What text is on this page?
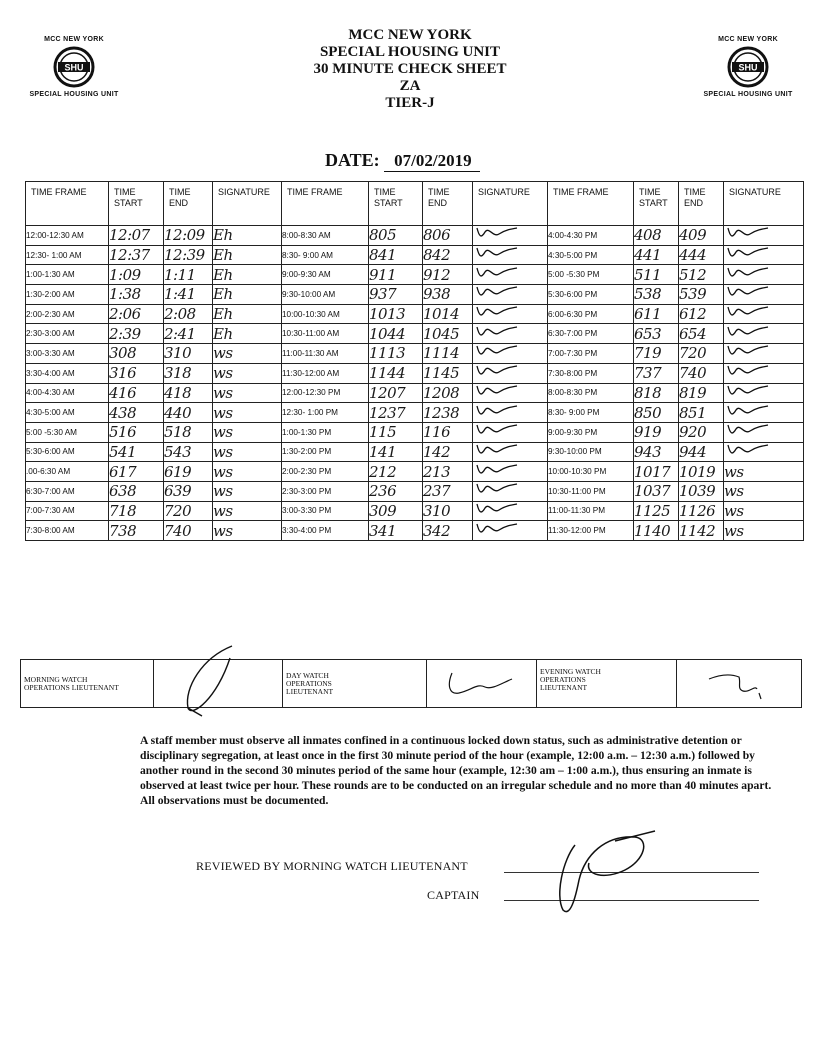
MCC NEW YORK
SHU
SPECIAL HOUSING UNIT
MCC NEW YORK
SHU
SPECIAL HOUSING UNIT
MCC NEW YORK
SPECIAL HOUSING UNIT
30 MINUTE CHECK SHEET
ZA
TIER-J
DATE: 07/02/2019
TIME FRAME	TIME START	TIME END	SIGNATURE	TIME FRAME	TIME START	TIME END	SIGNATURE	TIME FRAME	TIME START	TIME END	SIGNATURE
12:00-12:30 AM	12:07	12:09	Eh	8:00-8:30 AM	805	806		4:00-4:30 PM	408	409	
12:30- 1:00 AM	12:37	12:39	Eh	8:30- 9:00 AM	841	842		4:30-5:00 PM	441	444	
1:00-1:30 AM	1:09	1:11	Eh	9:00-9:30 AM	911	912		5:00 -5:30 PM	511	512	
1:30-2:00 AM	1:38	1:41	Eh	9:30-10:00 AM	937	938		5:30-6:00 PM	538	539	
2:00-2:30 AM	2:06	2:08	Eh	10:00-10:30 AM	1013	1014		6:00-6:30 PM	611	612	
2:30-3:00 AM	2:39	2:41	Eh	10:30-11:00 AM	1044	1045		6:30-7:00 PM	653	654	
3:00-3:30 AM	308	310	ws	11:00-11:30 AM	1113	1114		7:00-7:30 PM	719	720	
3:30-4:00 AM	316	318	ws	11:30-12:00 AM	1144	1145		7:30-8:00 PM	737	740	
4:00-4:30 AM	416	418	ws	12:00-12:30 PM	1207	1208		8:00-8:30 PM	818	819	
4:30-5:00 AM	438	440	ws	12:30- 1:00 PM	1237	1238		8:30- 9:00 PM	850	851	
5:00 -5:30 AM	516	518	ws	1:00-1:30 PM	115	116		9:00-9:30 PM	919	920	
5:30-6:00 AM	541	543	ws	1:30-2:00 PM	141	142		9:30-10:00 PM	943	944	
.00-6:30 AM	617	619	ws	2:00-2:30 PM	212	213		10:00-10:30 PM	1017	1019	ws
6:30-7:00 AM	638	639	ws	2:30-3:00 PM	236	237		10:30-11:00 PM	1037	1039	ws
7:00-7:30 AM	718	720	ws	3:00-3:30 PM	309	310		11:00-11:30 PM	1125	1126	ws
7:30-8:00 AM	738	740	ws	3:30-4:00 PM	341	342		11:30-12:00 PM	1140	1142	ws
MORNING WATCH OPERATIONS LIEUTENANT
DAY WATCH OPERATIONS LIEUTENANT
EVENING WATCH OPERATIONS LIEUTENANT
A staff member must observe all inmates confined in a continuous locked down status, such as administrative detention or disciplinary segregation, at least once in the first 30 minute period of the hour (example, 12:00 a.m. – 12:30 a.m.) followed by another round in the second 30 minutes period of the same hour (example, 12:30 am – 1:00 a.m.), thus ensuring an inmate is observed at least twice per hour. These rounds are to be conducted on an irregular schedule and no more than 40 minutes apart. All observations must be documented.
REVIEWED BY MORNING WATCH LIEUTENANT
CAPTAIN
